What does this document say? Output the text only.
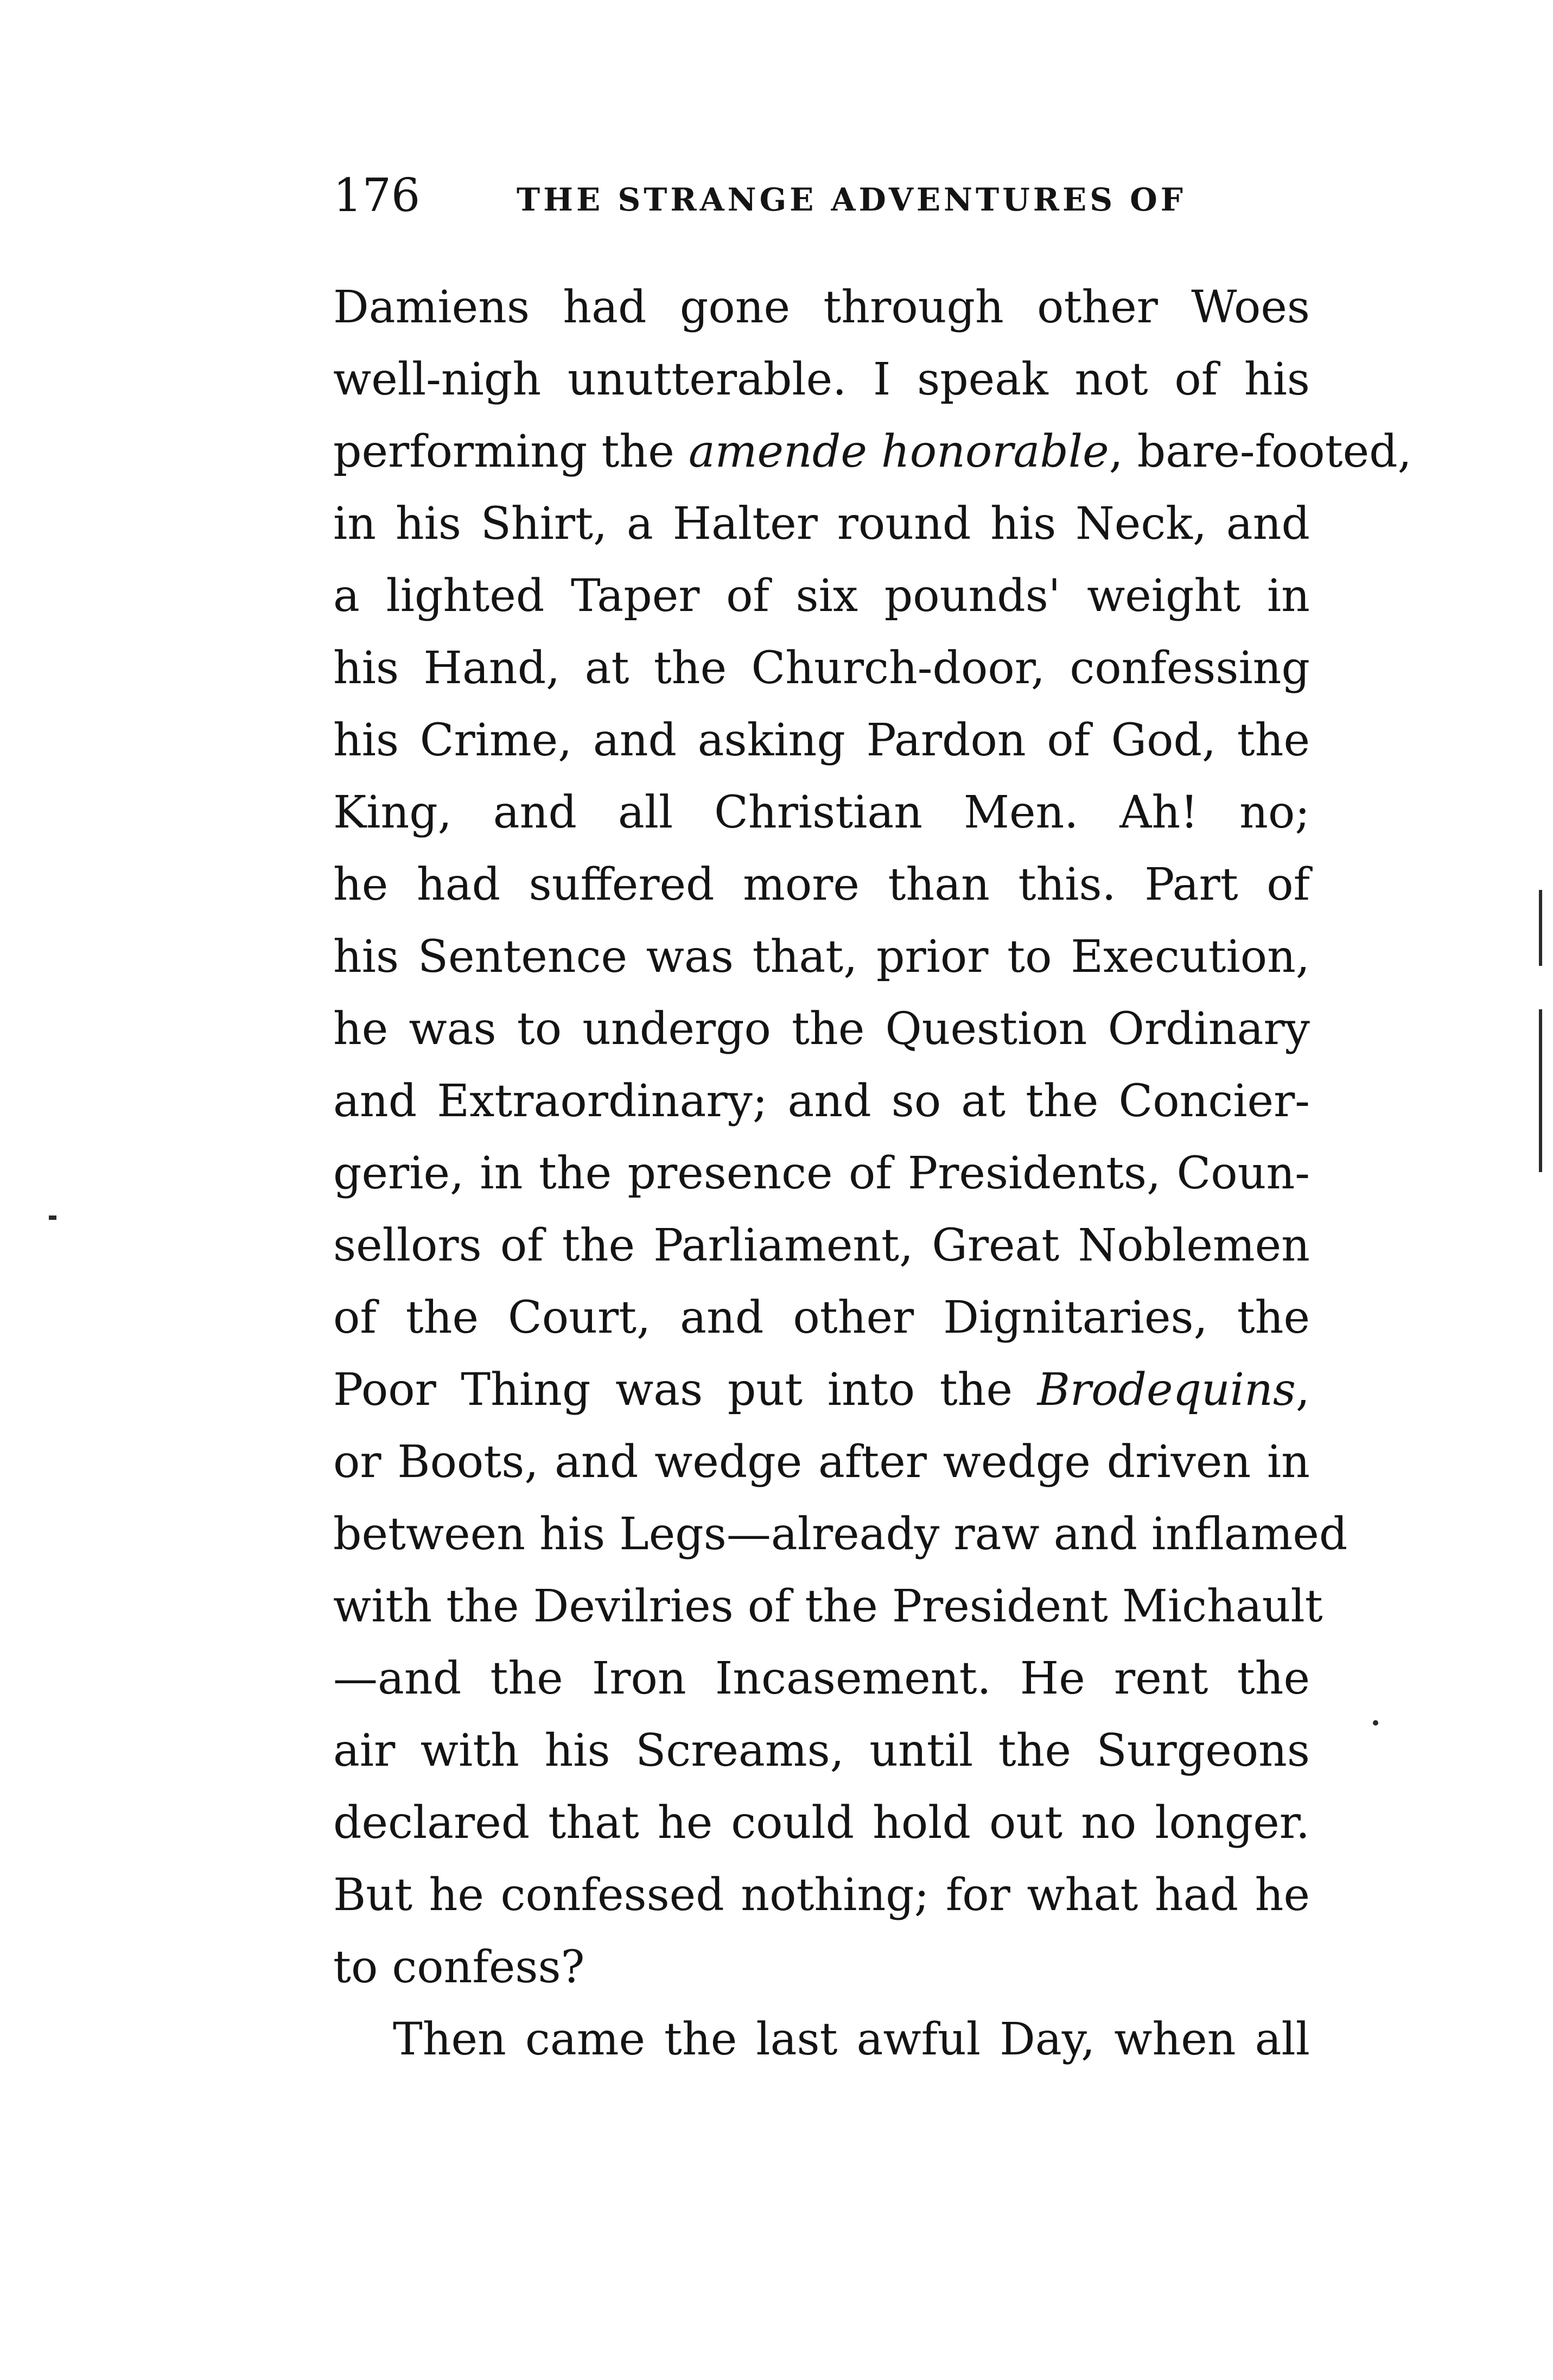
176	THE STRANGE ADVENTURES OF
Damiens had gone through other Woes
well-nigh unutterable. I speak not of his
performing the amende honorable, bare-footed,
in his Shirt, a Halter round his Neck, and
a lighted Taper of six pounds' weight in
his Hand, at the Church-door, confessing
his Crime, and asking Pardon of God, the
King, and all Christian Men. Ah! no;
he had suffered more than this. Part of
his Sentence was that, prior to Execution,
he was to undergo the Question Ordinary
and Extraordinary; and so at the Concier-
gerie, in the presence of Presidents, Coun-
sellors of the Parliament, Great Noblemen
of the Court, and other Dignitaries, the
Poor Thing was put into the Brodequins,
or Boots, and wedge after wedge driven in
between his Legs—already raw and inflamed
with the Devilries of the President Michault
—and the Iron Incasement. He rent the
air with his Screams, until the Surgeons
declared that he could hold out no longer.
But he confessed nothing; for what had he
to confess?
Then came the last awful Day, when all
